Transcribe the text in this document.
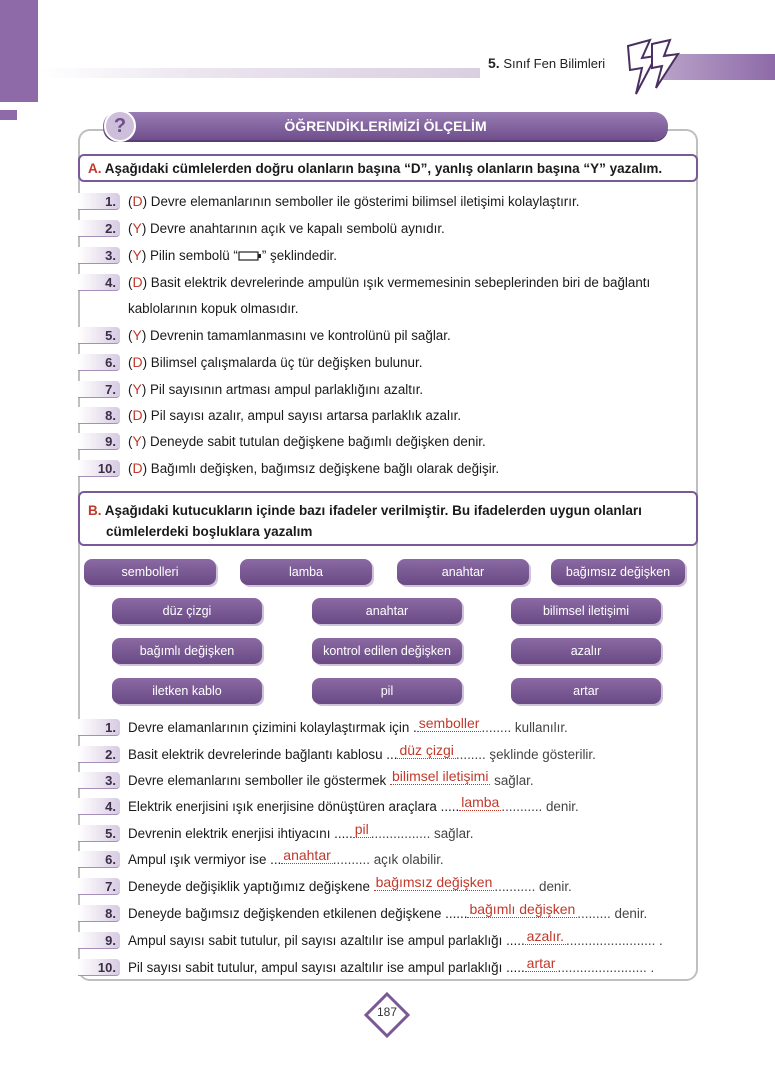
5. Sınıf Fen Bilimleri
ÖĞRENDİKLERİMİZİ ÖLÇELİM
?
A. Aşağıdaki cümlelerden doğru olanların başına “D”, yanlış olanların başına “Y” yazalım.
1. (D) Devre elemanlarının semboller ile gösterimi bilimsel iletişimi kolaylaştırır.
2. (Y) Devre anahtarının açık ve kapalı sembolü aynıdır.
3. (Y) Pilin sembolü “ ” şeklindedir.
4. (D) Basit elektrik devrelerinde ampulün ışık vermemesinin sebeplerinden biri de bağlantı
kablolarının kopuk olmasıdır.
5. (Y) Devrenin tamamlanmasını ve kontrolünü pil sağlar.
6. (D) Bilimsel çalışmalarda üç tür değişken bulunur.
7. (Y) Pil sayısının artması ampul parlaklığını azaltır.
8. (D) Pil sayısı azalır, ampul sayısı artarsa parlaklık azalır.
9. (Y) Deneyde sabit tutulan değişkene bağımlı değişken denir.
10. (D) Bağımlı değişken, bağımsız değişkene bağlı olarak değişir.
B. Aşağıdaki kutucukların içinde bazı ifadeler verilmiştir. Bu ifadelerden uygun olanları
cümlelerdeki boşluklara yazalım
sembolleri	lamba	anahtar	bağımsız değişken
düz çizgi	anahtar	bilimsel iletişimi
bağımlı değişken	kontrol edilen değişken	azalır
iletken kablo	pil	artar
1. Devre elamanlarının çizimini kolaylaştırmak için . semboller ........ kullanılır.
2. Basit elektrik devrelerinde bağlantı kablosu ... düz çizgi ........ şeklinde gösterilir.
3. Devre elemanlarını semboller ile göstermek bilimsel iletişimi sağlar.
4. Elektrik enerjisini ışık enerjisine dönüştüren araçlara ..... lamba ........... denir.
5. Devrenin elektrik enerjisi ihtiyacını ..... pil ................ sağlar.
6. Ampul ışık vermiyor ise ... anahtar .......... açık olabilir.
7. Deneyde değişiklik yaptığımız değişkene bağımsız değişken ........... denir.
8. Deneyde bağımsız değişkenden etkilenen değişkene ...... bağımlı değişken ......... denir.
9. Ampul sayısı sabit tutulur, pil sayısı azaltılır ise ampul parlaklığı ..... azalır. ........................ .
10. Pil sayısı sabit tutulur, ampul sayısı azaltılır ise ampul parlaklığı ..... artar ........................ .
187
